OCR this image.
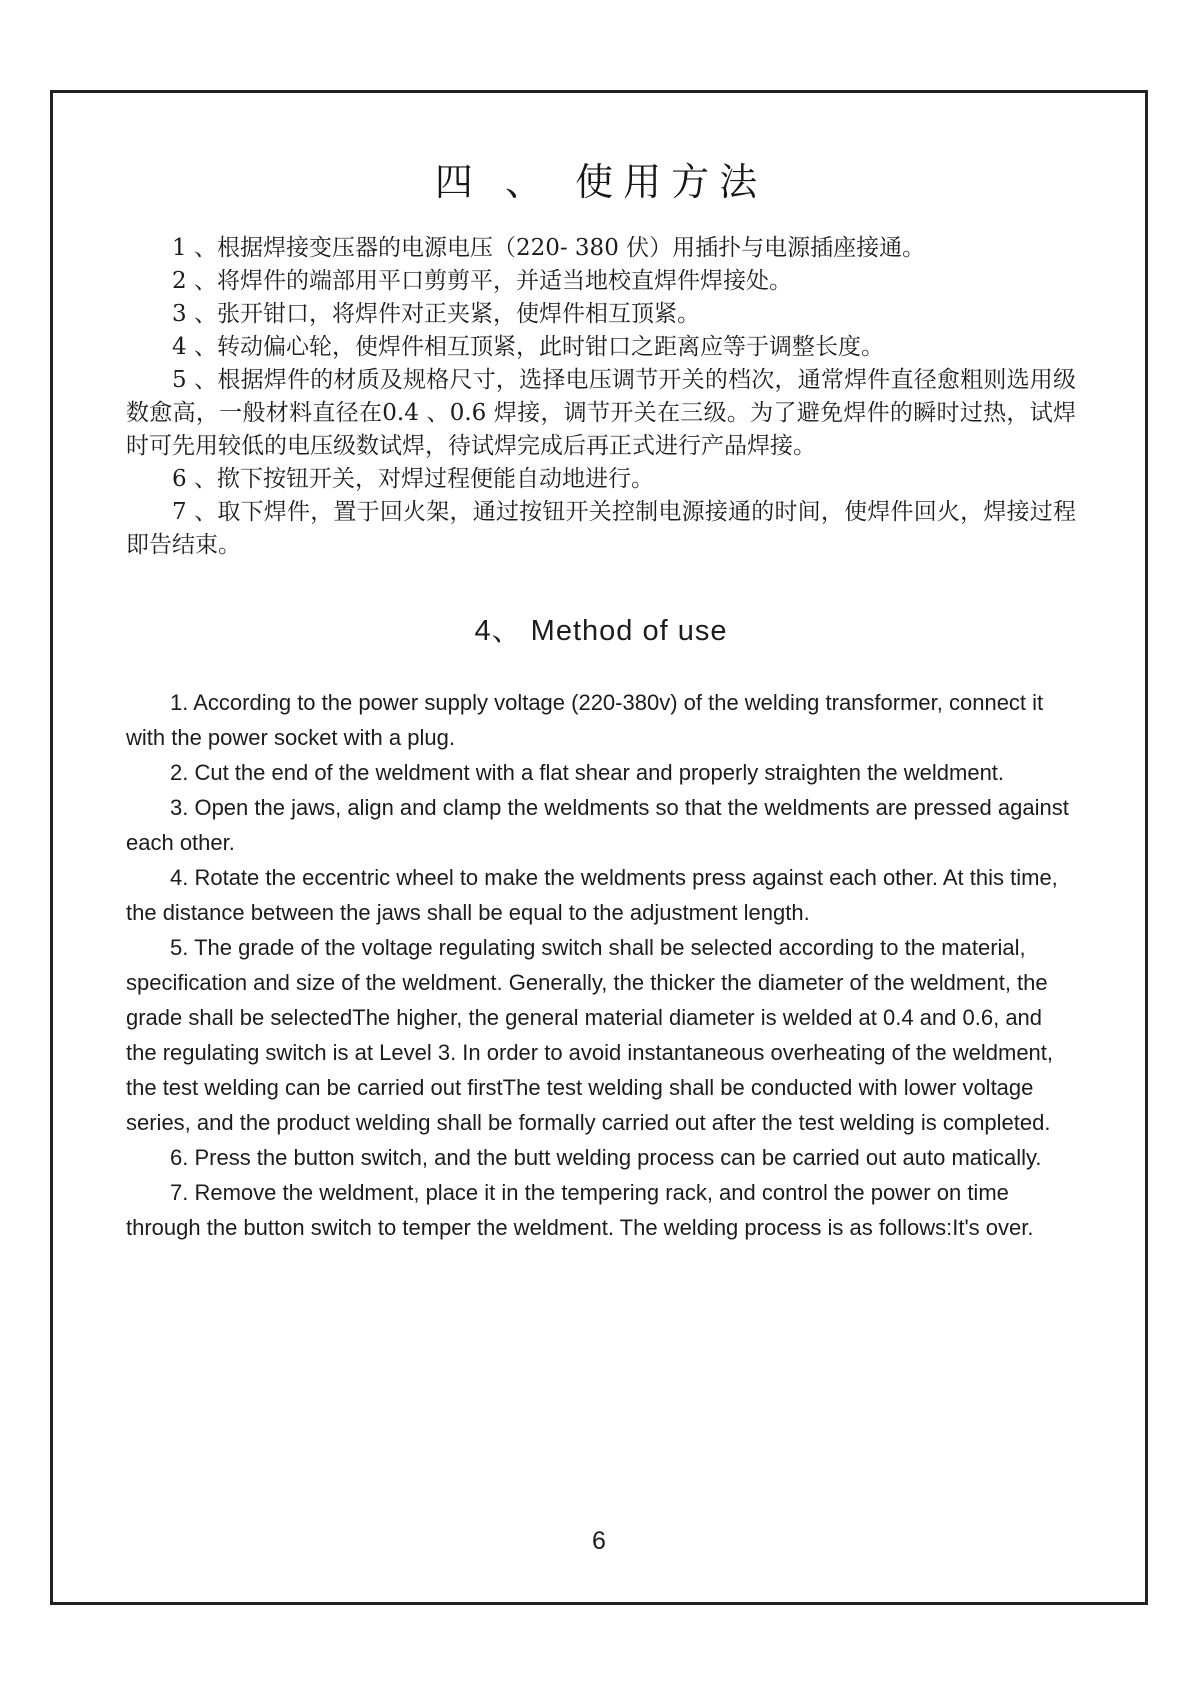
四 、 使用方法

1 、根据焊接变压器的电源电压（220- 380 伏）用插扑与电源插座接通。

2 、将焊件的端部用平口剪剪平，并适当地校直焊件焊接处。

3 、张开钳口，将焊件对正夹紧，使焊件相互顶紧。

4 、转动偏心轮，使焊件相互顶紧，此时钳口之距离应等于调整长度。

5 、根据焊件的材质及规格尺寸，选择电压调节开关的档次，通常焊件直径愈粗则选用级数愈高，一般材料直径在0.4 、0.6 焊接，调节开关在三级。为了避免焊件的瞬时过热，试焊时可先用较低的电压级数试焊，待试焊完成后再正式进行产品焊接。

6 、揿下按钮开关，对焊过程便能自动地进行。

7 、取下焊件，置于回火架，通过按钮开关控制电源接通的时间，使焊件回火，焊接过程即告结束。

4、 Method of use

1. According to the power supply voltage (220-380v) of the welding transformer, connect it with the power socket with a plug.

2. Cut the end of the weldment with a flat shear and properly straighten the weldment.

3. Open the jaws, align and clamp the weldments so that the weldments are pressed against each other.

4. Rotate the eccentric wheel to make the weldments press against each other. At this time, the distance between the jaws shall be equal to the adjustment length.

5. The grade of the voltage regulating switch shall be selected according to the material, specification and size of the weldment. Generally, the thicker the diameter of the weldment, the grade shall be selectedThe higher, the general material diameter is welded at 0.4 and 0.6, and the regulating switch is at Level 3. In order to avoid instantaneous overheating of the weldment, the test welding can be carried out firstThe test welding shall be conducted with lower voltage series, and the product welding shall be formally carried out after the test welding is completed.

6. Press the button switch, and the butt welding process can be carried out auto matically.

7. Remove the weldment, place it in the tempering rack, and control the power on time through the button switch to temper the weldment. The welding process is as follows:It's over.

6
